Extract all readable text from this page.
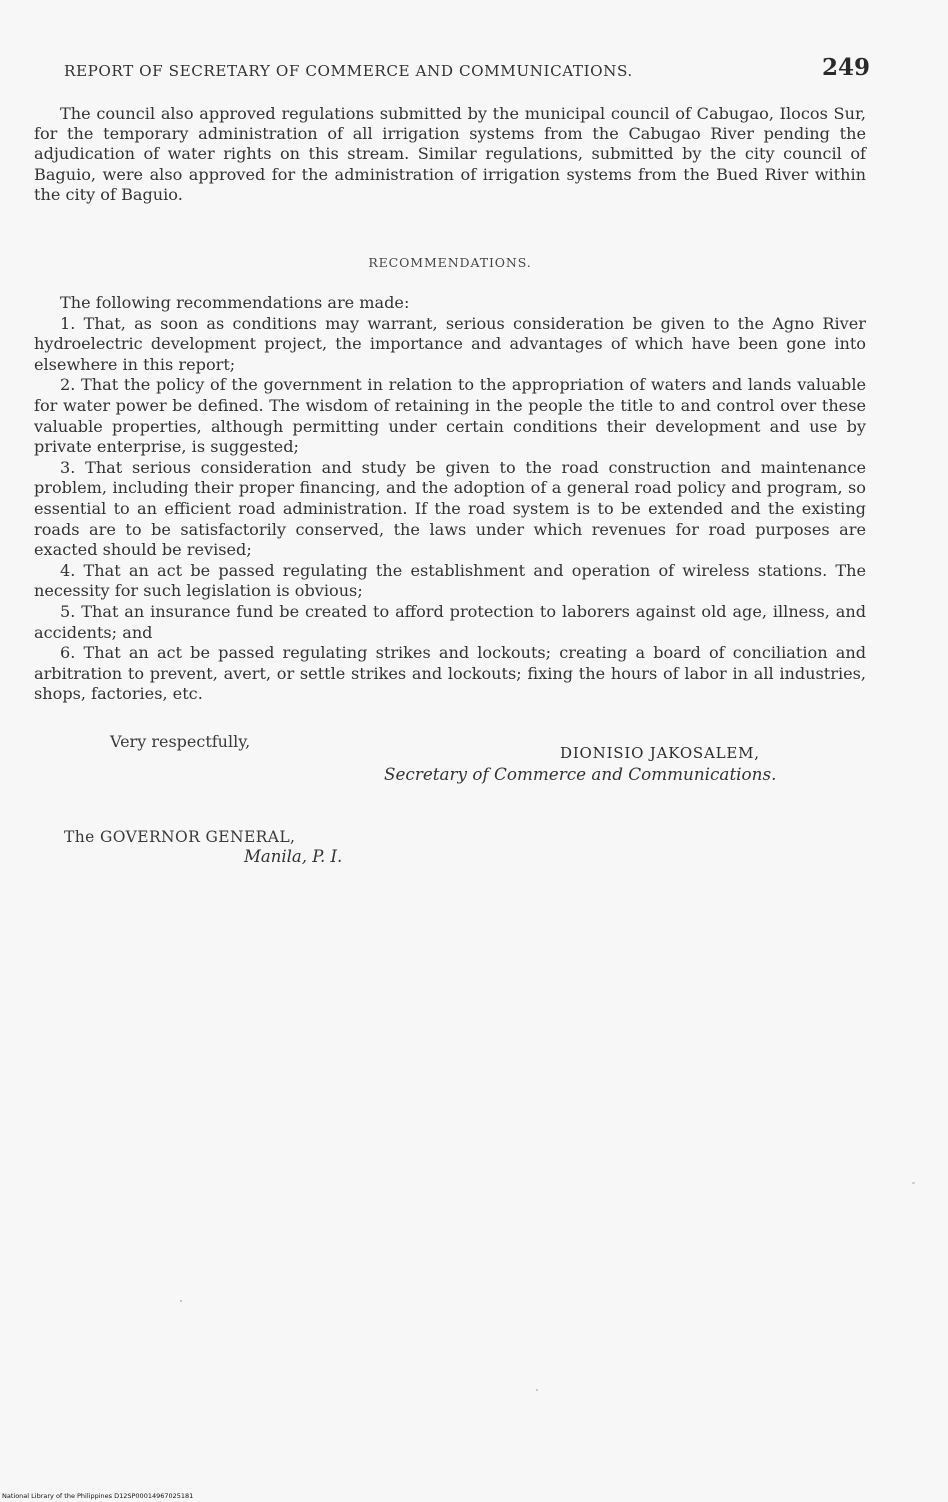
REPORT OF SECRETARY OF COMMERCE AND COMMUNICATIONS.	249

The council also approved regulations submitted by the municipal council of Cabugao, Ilocos Sur, for the temporary administration of all irrigation systems from the Cabugao River pending the adjudication of water rights on this stream. Similar regulations, submitted by the city council of Baguio, were also approved for the administration of irrigation systems from the Bued River within the city of Baguio.

RECOMMENDATIONS.

The following recommendations are made:

1. That, as soon as conditions may warrant, serious consideration be given to the Agno River hydroelectric development project, the importance and advantages of which have been gone into elsewhere in this report;

2. That the policy of the government in relation to the appropriation of waters and lands valuable for water power be defined. The wisdom of retaining in the people the title to and control over these valuable properties, although permitting under certain conditions their development and use by private enterprise, is suggested;

3. That serious consideration and study be given to the road construction and maintenance problem, including their proper financing, and the adoption of a general road policy and program, so essential to an efficient road administration. If the road system is to be extended and the existing roads are to be satisfactorily conserved, the laws under which revenues for road purposes are exacted should be revised;

4. That an act be passed regulating the establishment and operation of wireless stations. The necessity for such legislation is obvious;

5. That an insurance fund be created to afford protection to laborers against old age, illness, and accidents; and

6. That an act be passed regulating strikes and lockouts; creating a board of conciliation and arbitration to prevent, avert, or settle strikes and lockouts; fixing the hours of labor in all industries, shops, factories, etc.

Very respectfully,
DIONISIO JAKOSALEM,
Secretary of Commerce and Communications.
The GOVERNOR GENERAL,
Manila, P. I.
National Library of the Philippines D12SP00014967025181
